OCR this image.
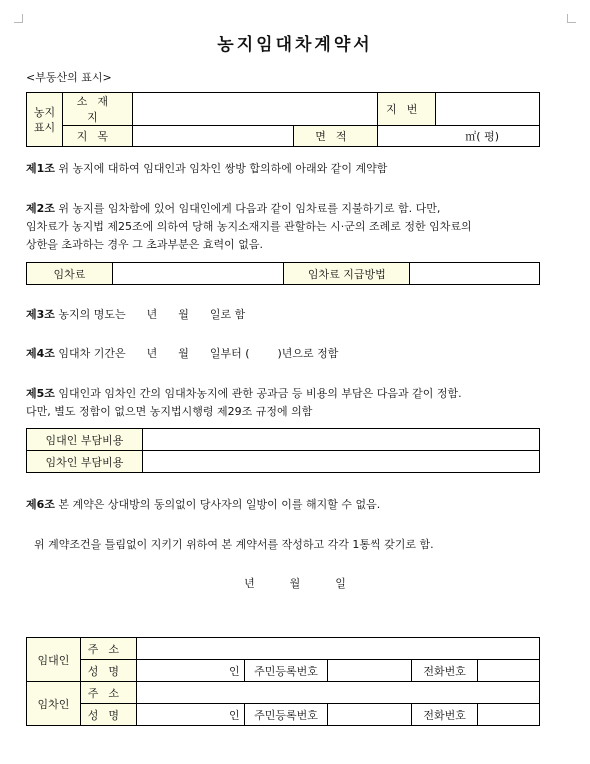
농지임대차계약서
<부동산의 표시>
농지
표시	소재지			지번	
	지목		면적	㎡( 평)	
제1조 위 농지에 대하여 임대인과 임차인 쌍방 합의하에 아래와 같이 계약함
제2조 위 농지를 임차함에 있어 임대인에게 다음과 같이 임차료를 지불하기로 함. 다만,
임차료가 농지법 제25조에 의하여 당해 농지소재지를 관할하는 시·군의 조례로 정한 임차료의
상한을 초과하는 경우 그 초과부분은 효력이 없음.
임차료		임차료 지급방법	
제3조 농지의 명도는      년      월      일로 함
제4조 임대차 기간은      년      월      일부터 (        )년으로 정함
제5조 임대인과 임차인 간의 임대차농지에 관한 공과금 등 비용의 부담은 다음과 같이 정함.
다만, 별도 정함이 없으면 농지법시행령 제29조 규정에 의함
임대인 부담비용	
임차인 부담비용	
제6조 본 계약은 상대방의 동의없이 당사자의 일방이 이를 해지할 수 없음.
위 계약조건을 틀림없이 지키기 위하여 본 계약서를 작성하고 각각 1통씩 갖기로 함.
년          월          일
임대인	주소					
	성명	인	주민등록번호		전화번호	
임차인	주소					
	성명	인	주민등록번호		전화번호	
